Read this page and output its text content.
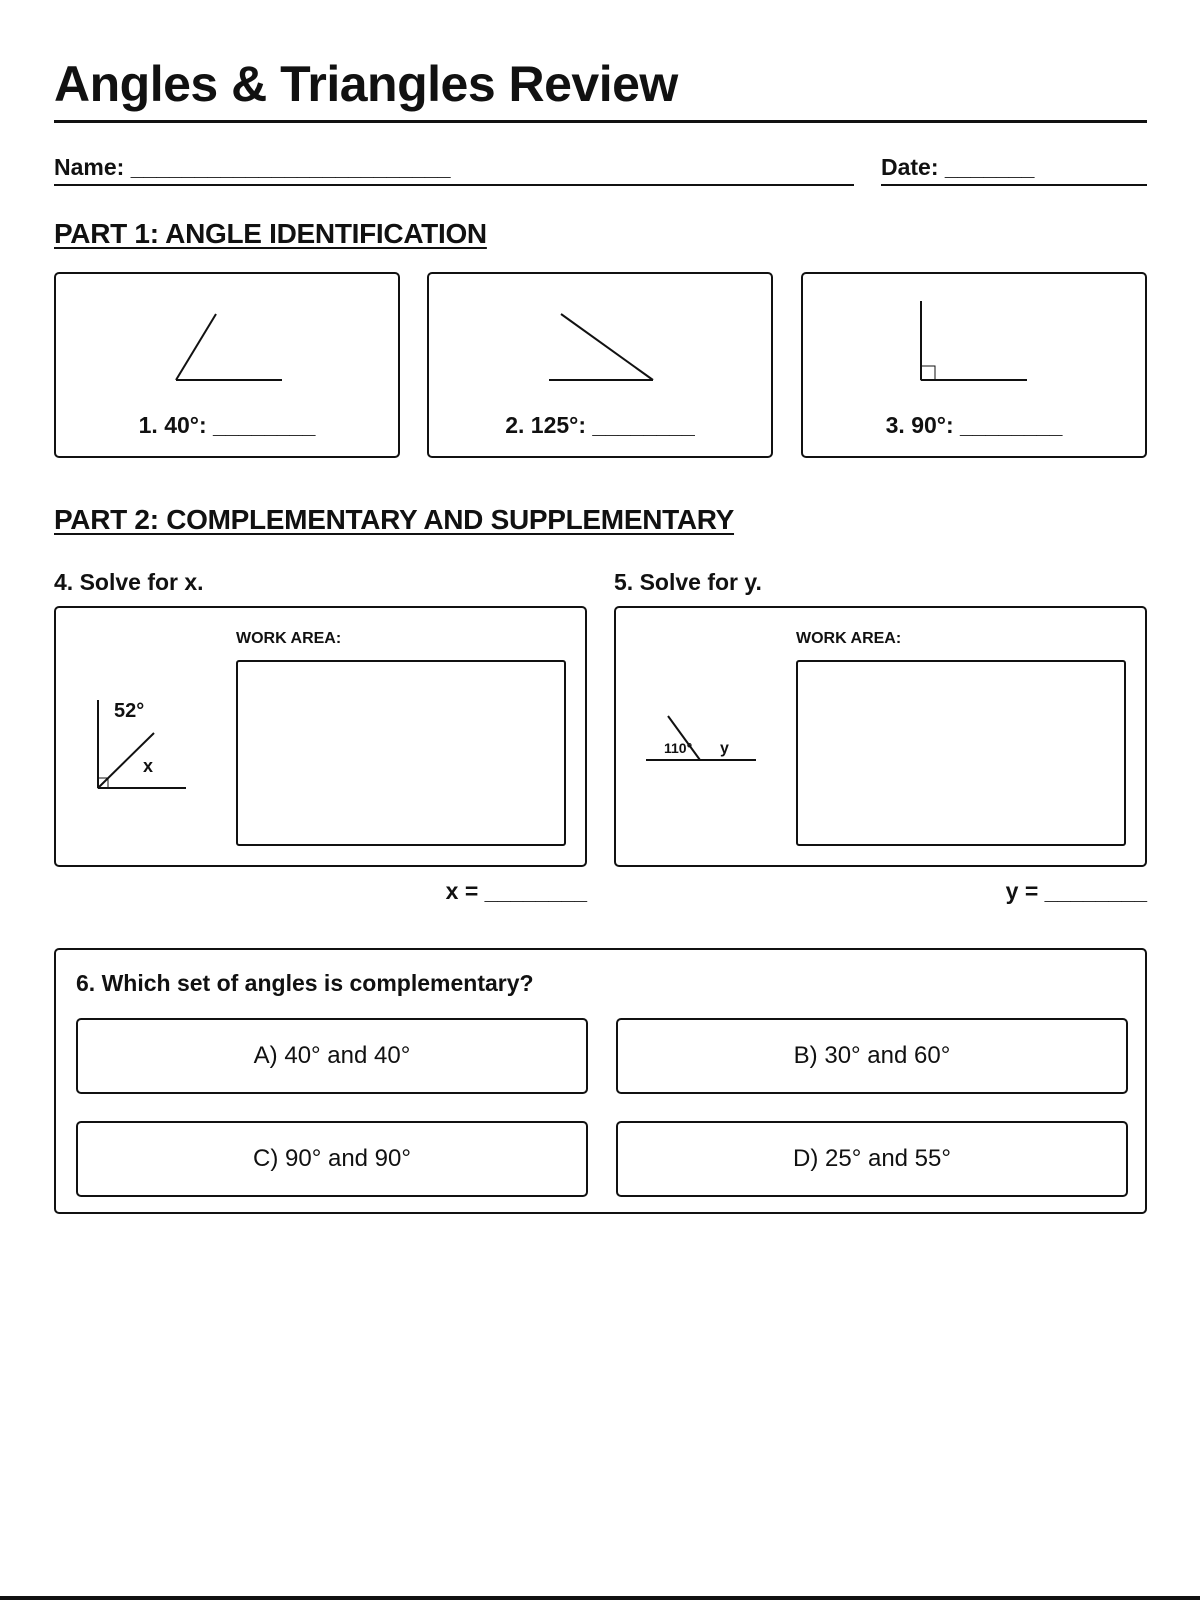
Angles & Triangles Review
Name: _________________________	Date: _______
PART 1: ANGLE IDENTIFICATION
1. 40°: ________	2. 125°: ________	3. 90°: ________
PART 2: COMPLEMENTARY AND SUPPLEMENTARY
4. Solve for x.
52°
x
WORK AREA:
x = ________
5. Solve for y.
110° y
WORK AREA:
y = ________
6. Which set of angles is complementary?
A) 40° and 40°	B) 30° and 60°
C) 90° and 90°	D) 25° and 55°
